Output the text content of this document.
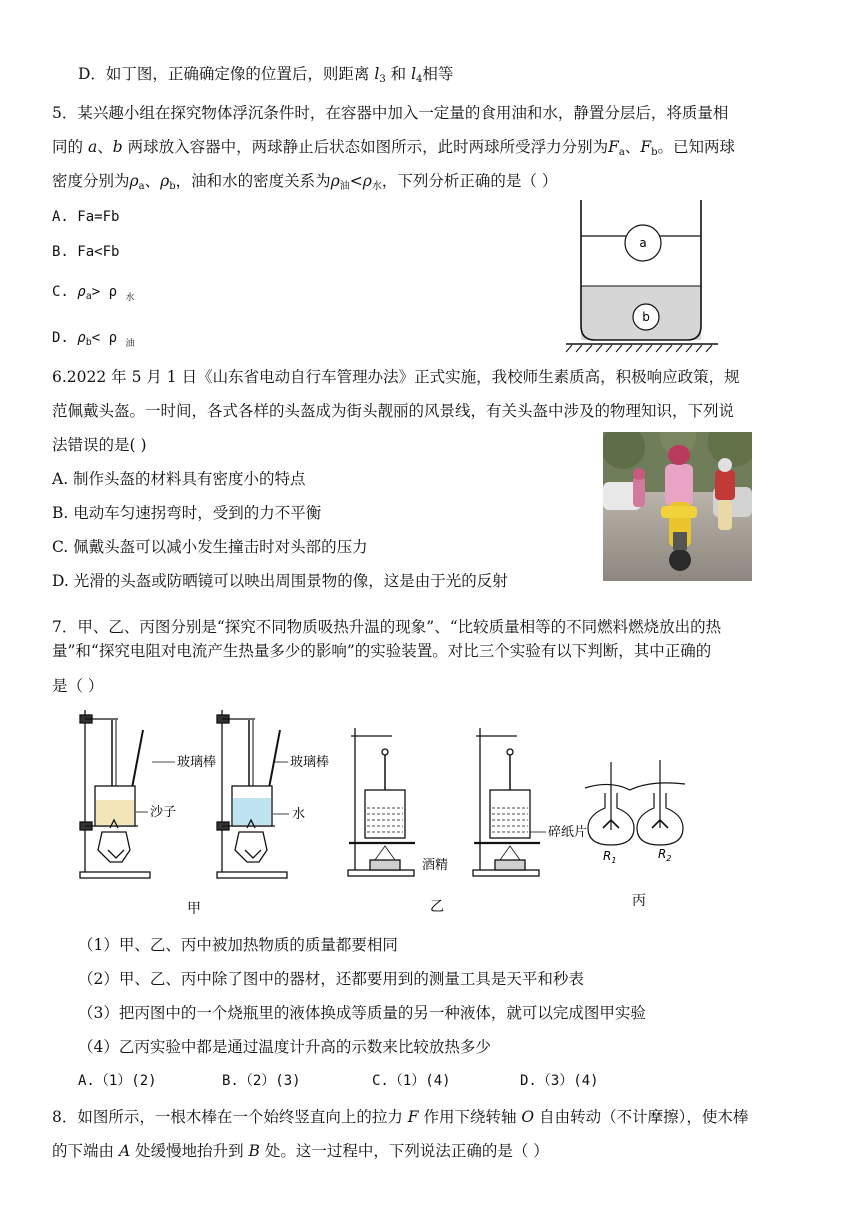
D．如丁图，正确确定像的位置后，则距离 $l_3$ 和 $l_4$相等
5．某兴趣小组在探究物体浮沉条件时，在容器中加入一定量的食用油和水，静置分层后，将质量相
同的 a、b 两球放入容器中，两球静止后状态如图所示，此时两球所受浮力分别为$F_a$、$F_b$。已知两球
密度分别为$\rho_a$、$\rho_b$，油和水的密度关系为$\rho_油<\rho_水$，下列分析正确的是（ ）
A. Fa=Fb
B. Fa<Fb
C. $\rho_a> \rho$ $_水$
D. $\rho_b< \rho$ $_油$
a
b
6.2022 年 5 月 1 日《山东省电动自行车管理办法》正式实施，我校师生素质高，积极响应政策，规
范佩戴头盔。一时间，各式各样的头盔成为街头靓丽的风景线，有关头盔中涉及的物理知识，下列说
法错误的是( )
A. 制作头盔的材料具有密度小的特点
B. 电动车匀速拐弯时，受到的力不平衡
C. 佩戴头盔可以减小发生撞击时对头部的压力
D. 光滑的头盔或防晒镜可以映出周围景物的像，这是由于光的反射
7．甲、乙、丙图分别是“探究不同物质吸热升温的现象”、“比较质量相等的不同燃料燃烧放出的热
量”和“探究电阻对电流产生热量多少的影响”的实验装置。对比三个实验有以下判断，其中正确的
是（ ）
玻璃棒
沙子
玻璃棒
水
酒精
碎纸片
$R_1$	$R_2$
甲	乙	丙
（1）甲、乙、丙中被加热物质的质量都要相同
（2）甲、乙、丙中除了图中的器材，还都要用到的测量工具是天平和秒表
（3）把丙图中的一个烧瓶里的液体换成等质量的另一种液体，就可以完成图甲实验
（4）乙丙实验中都是通过温度计升高的示数来比较放热多少
A.（1）(2)	B.（2）(3)	C.（1）(4)	D.（3）(4)
8．如图所示，一根木棒在一个始终竖直向上的拉力 F 作用下绕转轴 O 自由转动（不计摩擦），使木棒
的下端由 A 处缓慢地抬升到 B 处。这一过程中，下列说法正确的是（ ）
